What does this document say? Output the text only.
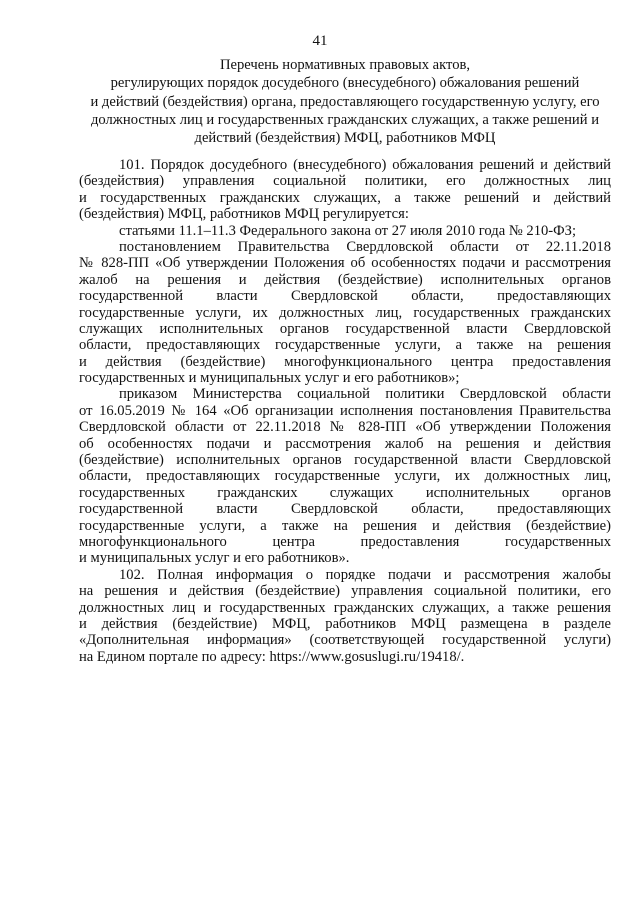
41
Перечень нормативных правовых актов,
регулирующих порядок досудебного (внесудебного) обжалования решений
и действий (бездействия) органа, предоставляющего государственную услугу, его
должностных лиц и государственных гражданских служащих, а также решений и
действий (бездействия) МФЦ, работников МФЦ
101. Порядок досудебного (внесудебного) обжалования решений и действий
(бездействия) управления социальной политики, его должностных лиц
и государственных гражданских служащих, а также решений и действий
(бездействия) МФЦ, работников МФЦ регулируется:
статьями 11.1–11.3 Федерального закона от 27 июля 2010 года № 210-ФЗ;
постановлением Правительства Свердловской области от 22.11.2018
№ 828-ПП «Об утверждении Положения об особенностях подачи и рассмотрения
жалоб на решения и действия (бездействие) исполнительных органов
государственной власти Свердловской области, предоставляющих
государственные услуги, их должностных лиц, государственных гражданских
служащих исполнительных органов государственной власти Свердловской
области, предоставляющих государственные услуги, а также на решения
и действия (бездействие) многофункционального центра предоставления
государственных и муниципальных услуг и его работников»;
приказом Министерства социальной политики Свердловской области
от 16.05.2019 № 164 «Об организации исполнения постановления Правительства
Свердловской области от 22.11.2018 № 828-ПП «Об утверждении Положения
об особенностях подачи и рассмотрения жалоб на решения и действия
(бездействие) исполнительных органов государственной власти Свердловской
области, предоставляющих государственные услуги, их должностных лиц,
государственных гражданских служащих исполнительных органов
государственной власти Свердловской области, предоставляющих
государственные услуги, а также на решения и действия (бездействие)
многофункционального центра предоставления государственных
и муниципальных услуг и его работников».
102. Полная информация о порядке подачи и рассмотрения жалобы
на решения и действия (бездействие) управления социальной политики, его
должностных лиц и государственных гражданских служащих, а также решения
и действия (бездействие) МФЦ, работников МФЦ размещена в разделе
«Дополнительная информация» (соответствующей государственной услуги)
на Едином портале по адресу: https://www.gosuslugi.ru/19418/.
